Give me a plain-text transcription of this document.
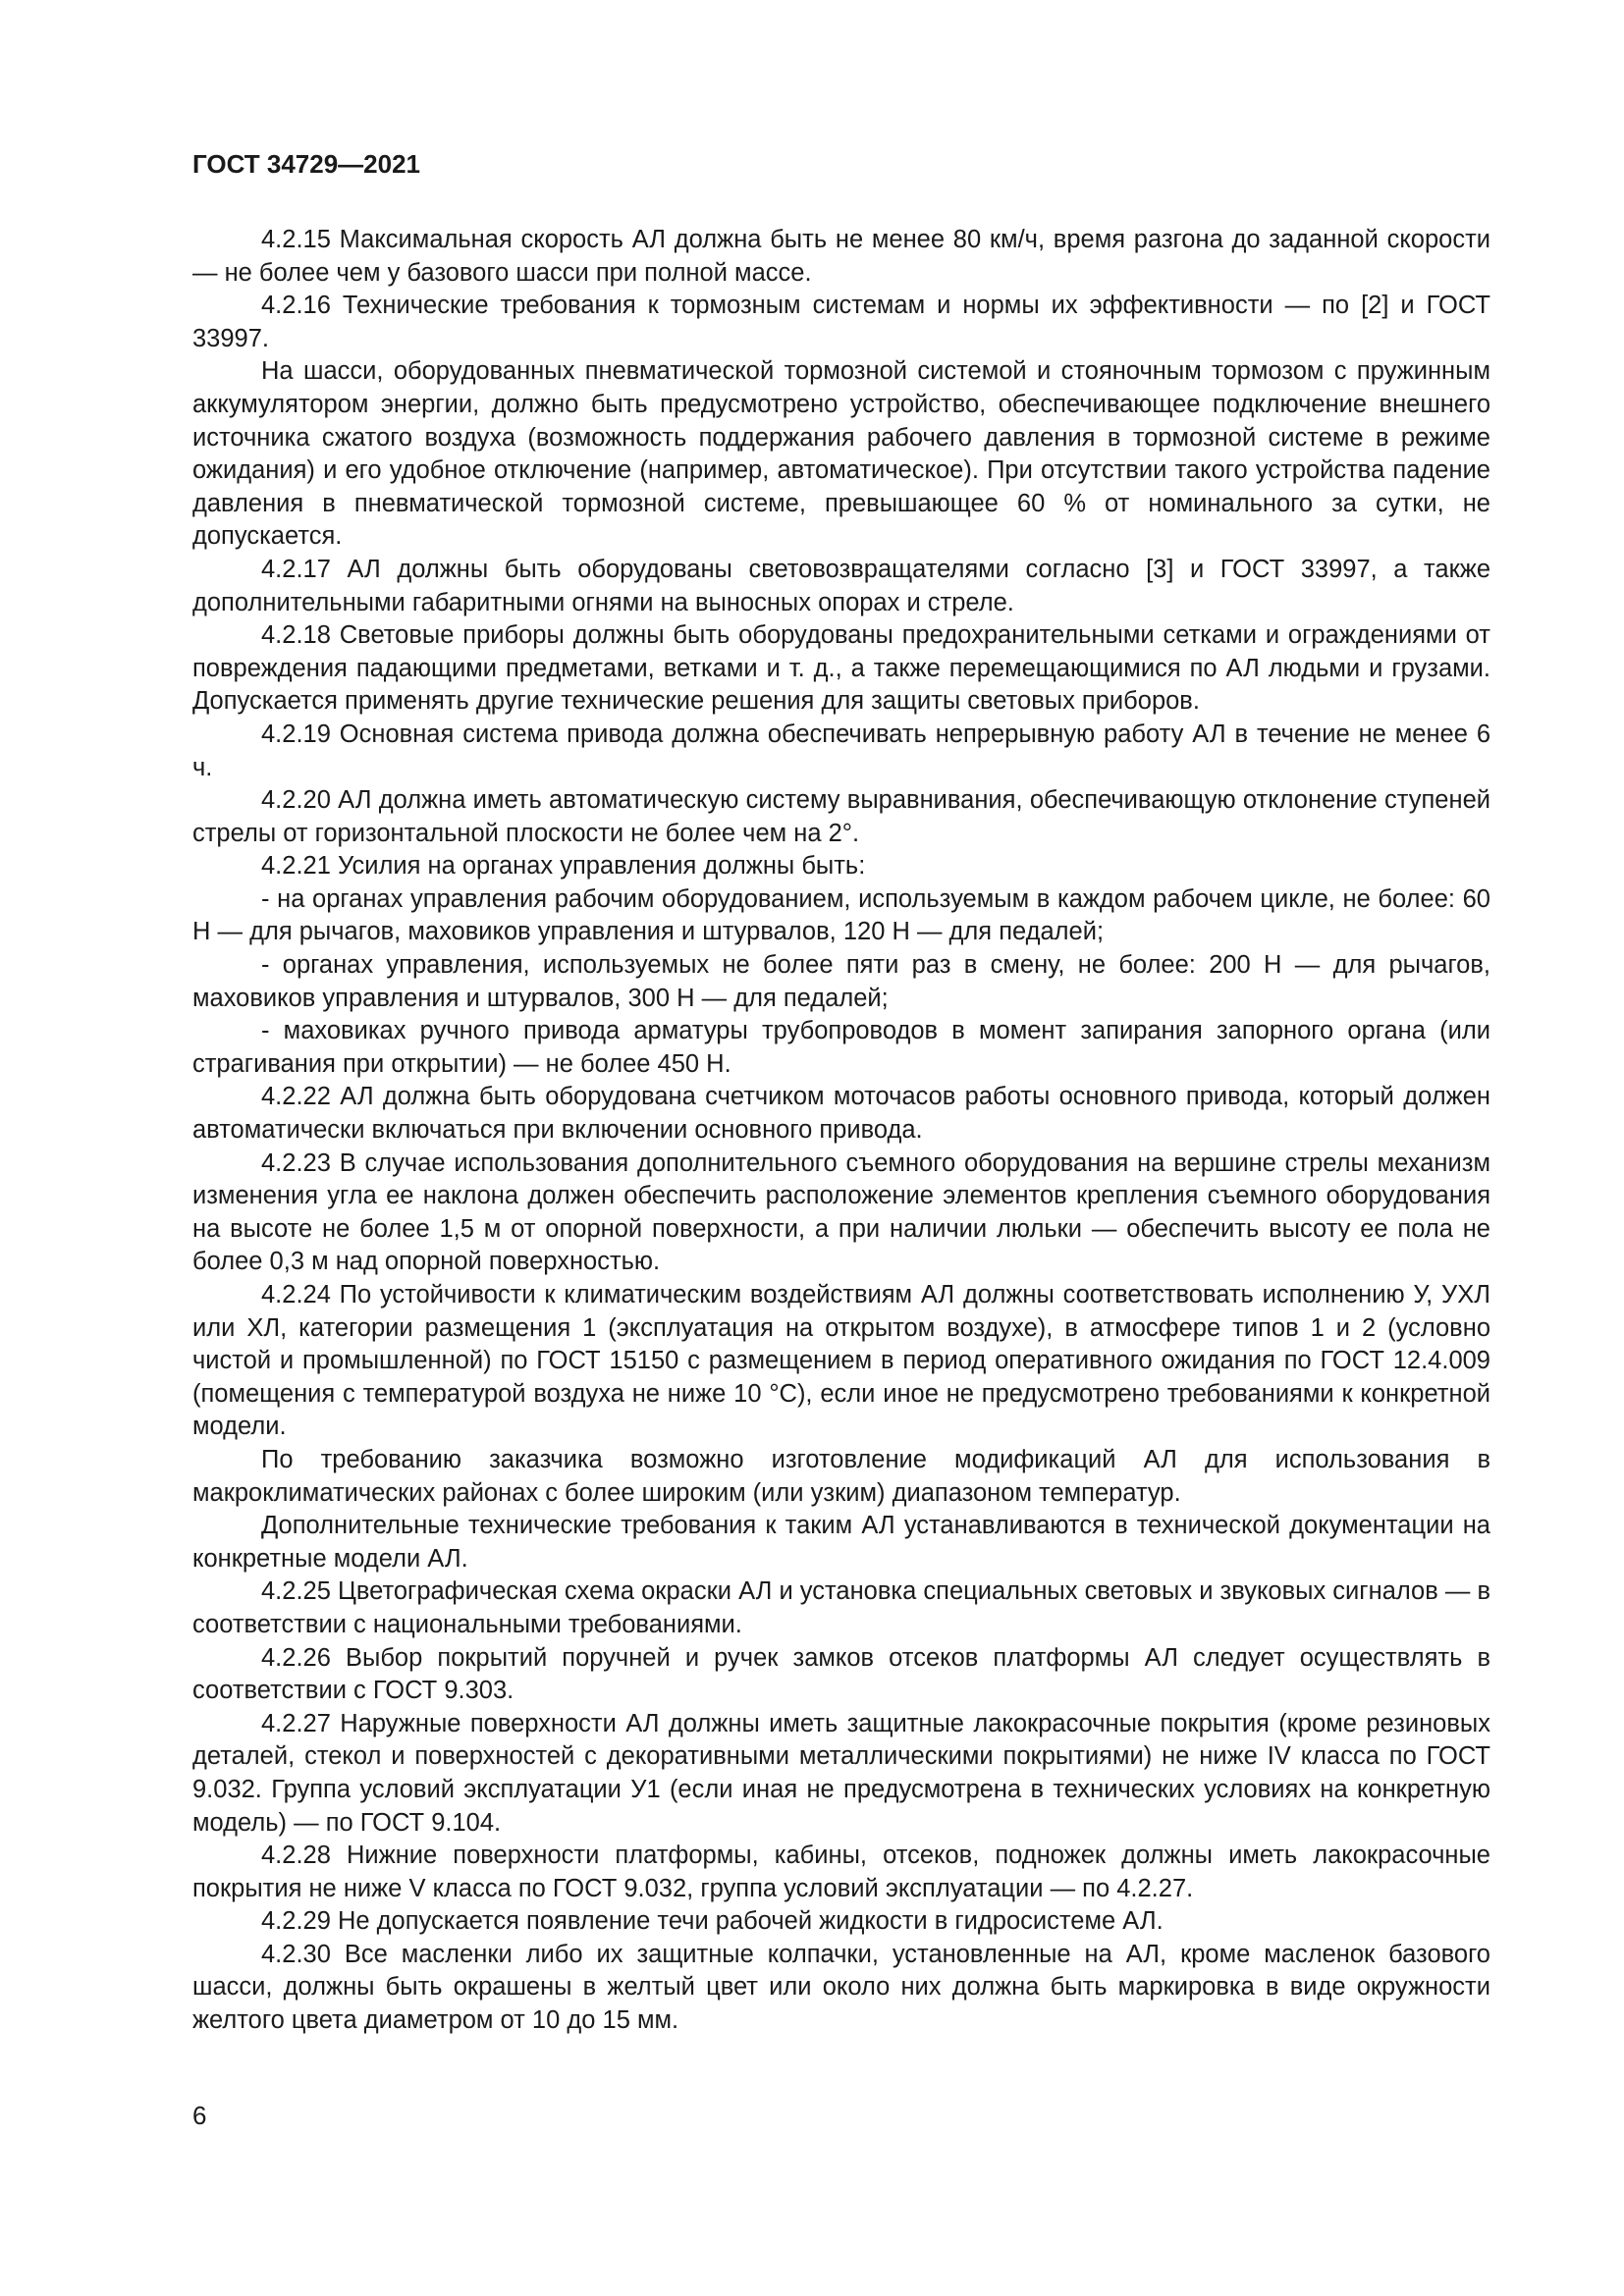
ГОСТ 34729—2021

4.2.15 Максимальная скорость АЛ должна быть не менее 80 км/ч, время разгона до заданной скорости — не более чем у базового шасси при полной массе.

4.2.16 Технические требования к тормозным системам и нормы их эффективности — по [2] и ГОСТ 33997.

На шасси, оборудованных пневматической тормозной системой и стояночным тормозом с пружинным аккумулятором энергии, должно быть предусмотрено устройство, обеспечивающее подключение внешнего источника сжатого воздуха (возможность поддержания рабочего давления в тормозной системе в режиме ожидания) и его удобное отключение (например, автоматическое). При отсутствии такого устройства падение давления в пневматической тормозной системе, превышающее 60 % от номинального за сутки, не допускается.

4.2.17 АЛ должны быть оборудованы световозвращателями согласно [3] и ГОСТ 33997, а также дополнительными габаритными огнями на выносных опорах и стреле.

4.2.18 Световые приборы должны быть оборудованы предохранительными сетками и ограждениями от повреждения падающими предметами, ветками и т. д., а также перемещающимися по АЛ людьми и грузами. Допускается применять другие технические решения для защиты световых приборов.

4.2.19 Основная система привода должна обеспечивать непрерывную работу АЛ в течение не менее 6 ч.

4.2.20 АЛ должна иметь автоматическую систему выравнивания, обеспечивающую отклонение ступеней стрелы от горизонтальной плоскости не более чем на 2°.

4.2.21 Усилия на органах управления должны быть:

- на органах управления рабочим оборудованием, используемым в каждом рабочем цикле, не более: 60 Н — для рычагов, маховиков управления и штурвалов, 120 Н — для педалей;

- органах управления, используемых не более пяти раз в смену, не более: 200 Н — для рычагов, маховиков управления и штурвалов, 300 Н — для педалей;

- маховиках ручного привода арматуры трубопроводов в момент запирания запорного органа (или страгивания при открытии) — не более 450 Н.

4.2.22 АЛ должна быть оборудована счетчиком моточасов работы основного привода, который должен автоматически включаться при включении основного привода.

4.2.23 В случае использования дополнительного съемного оборудования на вершине стрелы механизм изменения угла ее наклона должен обеспечить расположение элементов крепления съемного оборудования на высоте не более 1,5 м от опорной поверхности, а при наличии люльки — обеспечить высоту ее пола не более 0,3 м над опорной поверхностью.

4.2.24 По устойчивости к климатическим воздействиям АЛ должны соответствовать исполнению У, УХЛ или ХЛ, категории размещения 1 (эксплуатация на открытом воздухе), в атмосфере типов 1 и 2 (условно чистой и промышленной) по ГОСТ 15150 с размещением в период оперативного ожидания по ГОСТ 12.4.009 (помещения с температурой воздуха не ниже 10 °С), если иное не предусмотрено требованиями к конкретной модели.

По требованию заказчика возможно изготовление модификаций АЛ для использования в макроклиматических районах с более широким (или узким) диапазоном температур.

Дополнительные технические требования к таким АЛ устанавливаются в технической документации на конкретные модели АЛ.

4.2.25 Цветографическая схема окраски АЛ и установка специальных световых и звуковых сигналов — в соответствии с национальными требованиями.

4.2.26 Выбор покрытий поручней и ручек замков отсеков платформы АЛ следует осуществлять в соответствии с ГОСТ 9.303.

4.2.27 Наружные поверхности АЛ должны иметь защитные лакокрасочные покрытия (кроме резиновых деталей, стекол и поверхностей с декоративными металлическими покрытиями) не ниже IV класса по ГОСТ 9.032. Группа условий эксплуатации У1 (если иная не предусмотрена в технических условиях на конкретную модель) — по ГОСТ 9.104.

4.2.28 Нижние поверхности платформы, кабины, отсеков, подножек должны иметь лакокрасочные покрытия не ниже V класса по ГОСТ 9.032, группа условий эксплуатации — по 4.2.27.

4.2.29 Не допускается появление течи рабочей жидкости в гидросистеме АЛ.

4.2.30 Все масленки либо их защитные колпачки, установленные на АЛ, кроме масленок базового шасси, должны быть окрашены в желтый цвет или около них должна быть маркировка в виде окружности желтого цвета диаметром от 10 до 15 мм.

6
